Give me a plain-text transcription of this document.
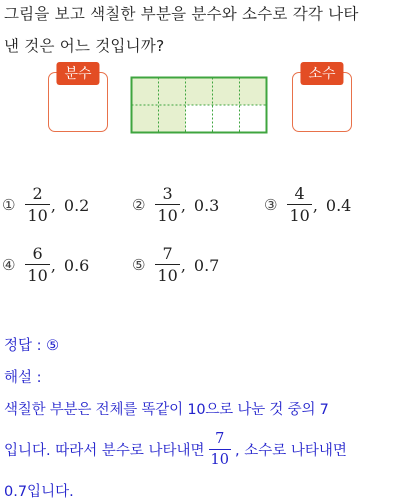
그림을 보고 색칠한 부분을 분수와 소수로 각각 나타
낸 것은 어느 것입니까?
분수	소수
① $\frac{2}{10}$ , 0.2	② $\frac{3}{10}$ , 0.3	③ $\frac{4}{10}$ , 0.4
④ $\frac{6}{10}$ , 0.6	⑤ $\frac{7}{10}$ , 0.7
정답 : ⑤
해설 :
색칠한 부분은 전체를 똑같이 10으로 나눈 것 중의 7
입니다. 따라서 분수로 나타내면 $\frac{7}{10}$ , 소수로 나타내면
0.7입니다.
